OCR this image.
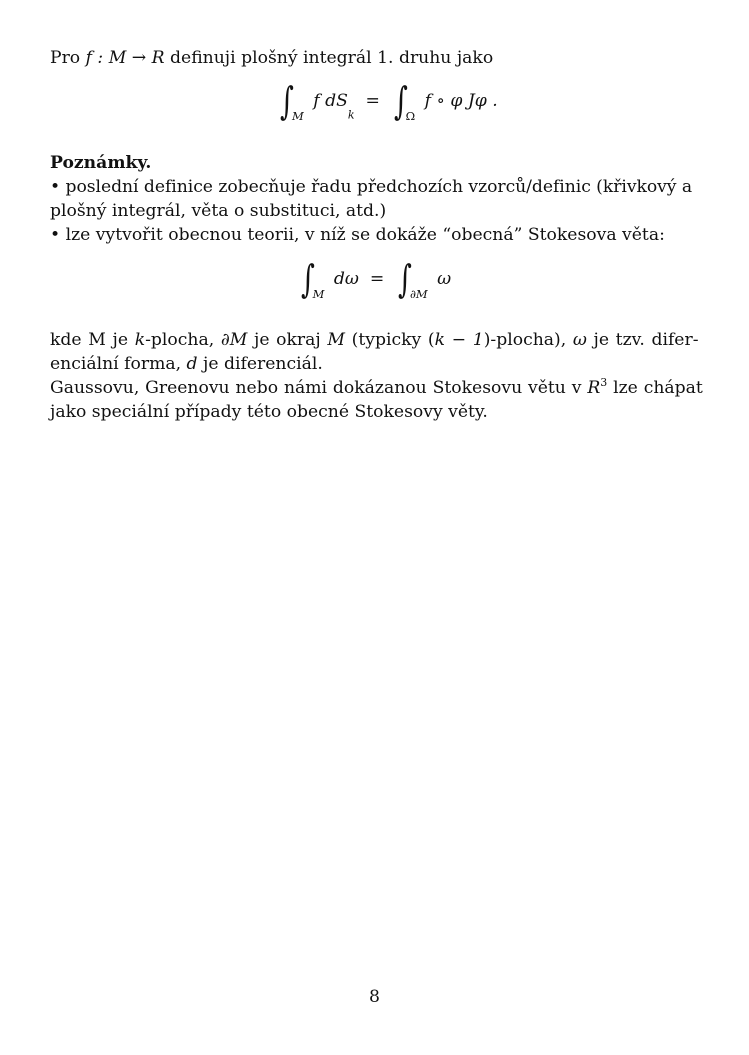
Pro f : M → R definuji plošný integrál 1. druhu jako

$\int_M$ f $dS_k = \int_\Omega$ f ∘ φ Jφ .

Poznámky.

• poslední definice zobecňuje řadu předchozích vzorců/definic (křivkový a

plošný integrál, věta o substituci, atd.)

• lze vytvořit obecnou teorii, v níž se dokáže “obecná” Stokesova věta:

$\int_M$ $d\omega = \int_{\partial M}$ ω

kde M je k-plocha, ∂M je okraj M (typicky (k − 1)-plocha), ω je tzv. difer-

enciální forma, d je diferenciál.

Gaussovu, Greenovu nebo námi dokázanou Stokesovu větu v $R^3$ lze chápat

jako speciální případy této obecné Stokesovy věty.

8
